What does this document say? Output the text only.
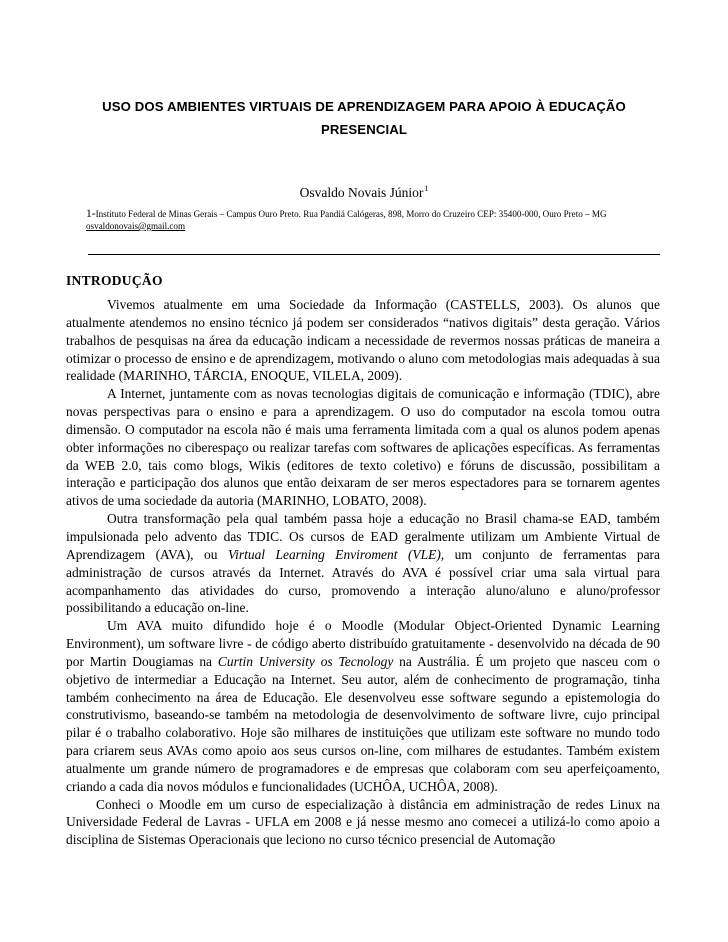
USO DOS AMBIENTES VIRTUAIS DE APRENDIZAGEM PARA APOIO À EDUCAÇÃO
PRESENCIAL
Osvaldo Novais Júnior$^1$
1-Instituto Federal de Minas Gerais – Campus Ouro Preto. Rua Pandiá Calógeras, 898, Morro do Cruzeiro CEP: 35400-000, Ouro Preto – MG
osvaldonovais@gmail.com
INTRODUÇÃO

Vivemos atualmente em uma Sociedade da Informação (CASTELLS, 2003). Os alunos que atualmente atendemos no ensino técnico já podem ser considerados “nativos digitais” desta geração. Vários trabalhos de pesquisas na área da educação indicam a necessidade de revermos nossas práticas de maneira a otimizar o processo de ensino e de aprendizagem, motivando o aluno com metodologias mais adequadas à sua realidade (MARINHO, TÁRCIA, ENOQUE, VILELA, 2009).

A Internet, juntamente com as novas tecnologias digitais de comunicação e informação (TDIC), abre novas perspectivas para o ensino e para a aprendizagem. O uso do computador na escola tomou outra dimensão. O computador na escola não é mais uma ferramenta limitada com a qual os alunos podem apenas obter informações no ciberespaço ou realizar tarefas com softwares de aplicações específicas. As ferramentas da WEB 2.0, tais como blogs, Wikis (editores de texto coletivo) e fóruns de discussão, possibilitam a interação e participação dos alunos que então deixaram de ser meros espectadores para se tornarem agentes ativos de uma sociedade da autoria (MARINHO, LOBATO, 2008).

Outra transformação pela qual também passa hoje a educação no Brasil chama-se EAD, também impulsionada pelo advento das TDIC. Os cursos de EAD geralmente utilizam um Ambiente Virtual de Aprendizagem (AVA), ou Virtual Learning Enviroment (VLE), um conjunto de ferramentas para administração de cursos através da Internet. Através do AVA é possível criar uma sala virtual para acompanhamento das atividades do curso, promovendo a interação aluno/aluno e aluno/professor possibilitando a educação on-line.

Um AVA muito difundido hoje é o Moodle (Modular Object-Oriented Dynamic Learning Environment), um software livre - de código aberto distribuído gratuitamente - desenvolvido na década de 90 por Martin Dougiamas na Curtin University os Tecnology na Austrália. É um projeto que nasceu com o objetivo de intermediar a Educação na Internet. Seu autor, além de conhecimento de programação, tinha também conhecimento na área de Educação. Ele desenvolveu esse software segundo a epistemologia do construtivismo, baseando-se também na metodologia de desenvolvimento de software livre, cujo principal pilar é o trabalho colaborativo. Hoje são milhares de instituições que utilizam este software no mundo todo para criarem seus AVAs como apoio aos seus cursos on-line, com milhares de estudantes. Também existem atualmente um grande número de programadores e de empresas que colaboram com seu aperfeiçoamento, criando a cada dia novos módulos e funcionalidades (UCHÔA, UCHÔA, 2008).

Conheci o Moodle em um curso de especialização à distância em administração de redes Linux na Universidade Federal de Lavras - UFLA em 2008 e já nesse mesmo ano comecei a utilizá-lo como apoio a disciplina de Sistemas Operacionais que leciono no curso técnico presencial de Automação
